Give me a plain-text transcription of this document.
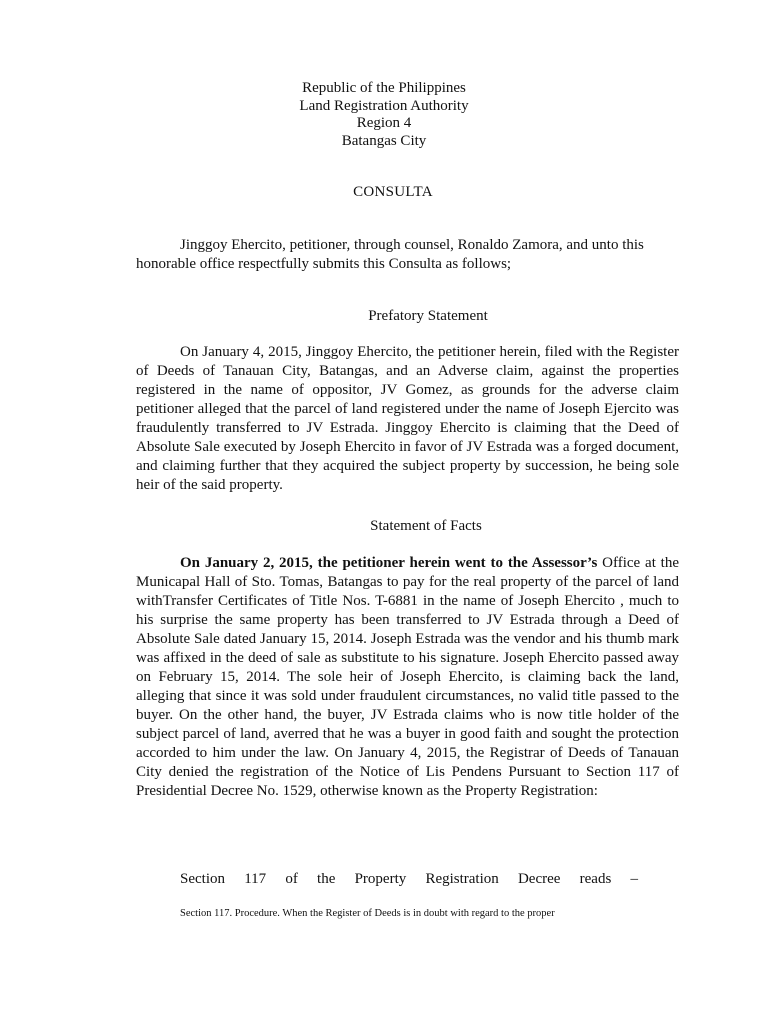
Republic of the Philippines
Land Registration Authority
Region 4
Batangas City
CONSULTA

Jinggoy Ehercito, petitioner, through counsel, Ronaldo Zamora, and unto this honorable office respectfully submits this Consulta as follows;

Prefatory Statement

On January 4, 2015, Jinggoy Ehercito, the petitioner herein, filed with the Register of Deeds of Tanauan City, Batangas, and an Adverse claim, against the properties registered in the name of oppositor, JV Gomez, as grounds for the adverse claim petitioner alleged that the parcel of land registered under the name of Joseph Ejercito was fraudulently transferred to JV Estrada. Jinggoy Ehercito is claiming that the Deed of Absolute Sale executed by Joseph Ehercito in favor of JV Estrada was a forged document, and claiming further that they acquired the subject property by succession, he being sole heir of the said property.

Statement of Facts

On January 2, 2015, the petitioner herein went to the Assessor’s Office at the Municapal Hall of Sto. Tomas, Batangas to pay for the real property of the parcel of land withTransfer Certificates of Title Nos. T-6881 in the name of Joseph Ehercito , much to his surprise the same property has been transferred to JV Estrada through a Deed of Absolute Sale dated January 15, 2014. Joseph Estrada was the vendor and his thumb mark was affixed in the deed of sale as substitute to his signature. Joseph Ehercito passed away on February 15, 2014. The sole heir of Joseph Ehercito, is claiming back the land, alleging that since it was sold under fraudulent circumstances, no valid title passed to the buyer. On the other hand, the buyer, JV Estrada claims who is now title holder of the subject parcel of land, averred that he was a buyer in good faith and sought the protection accorded to him under the law. On January 4, 2015, the Registrar of Deeds of Tanauan City denied the registration of the Notice of Lis Pendens Pursuant to Section 117 of Presidential Decree No. 1529, otherwise known as the Property Registration:

Section 117 of the Property Registration Decree reads –
Section 117. Procedure. When the Register of Deeds is in doubt with regard to the proper
